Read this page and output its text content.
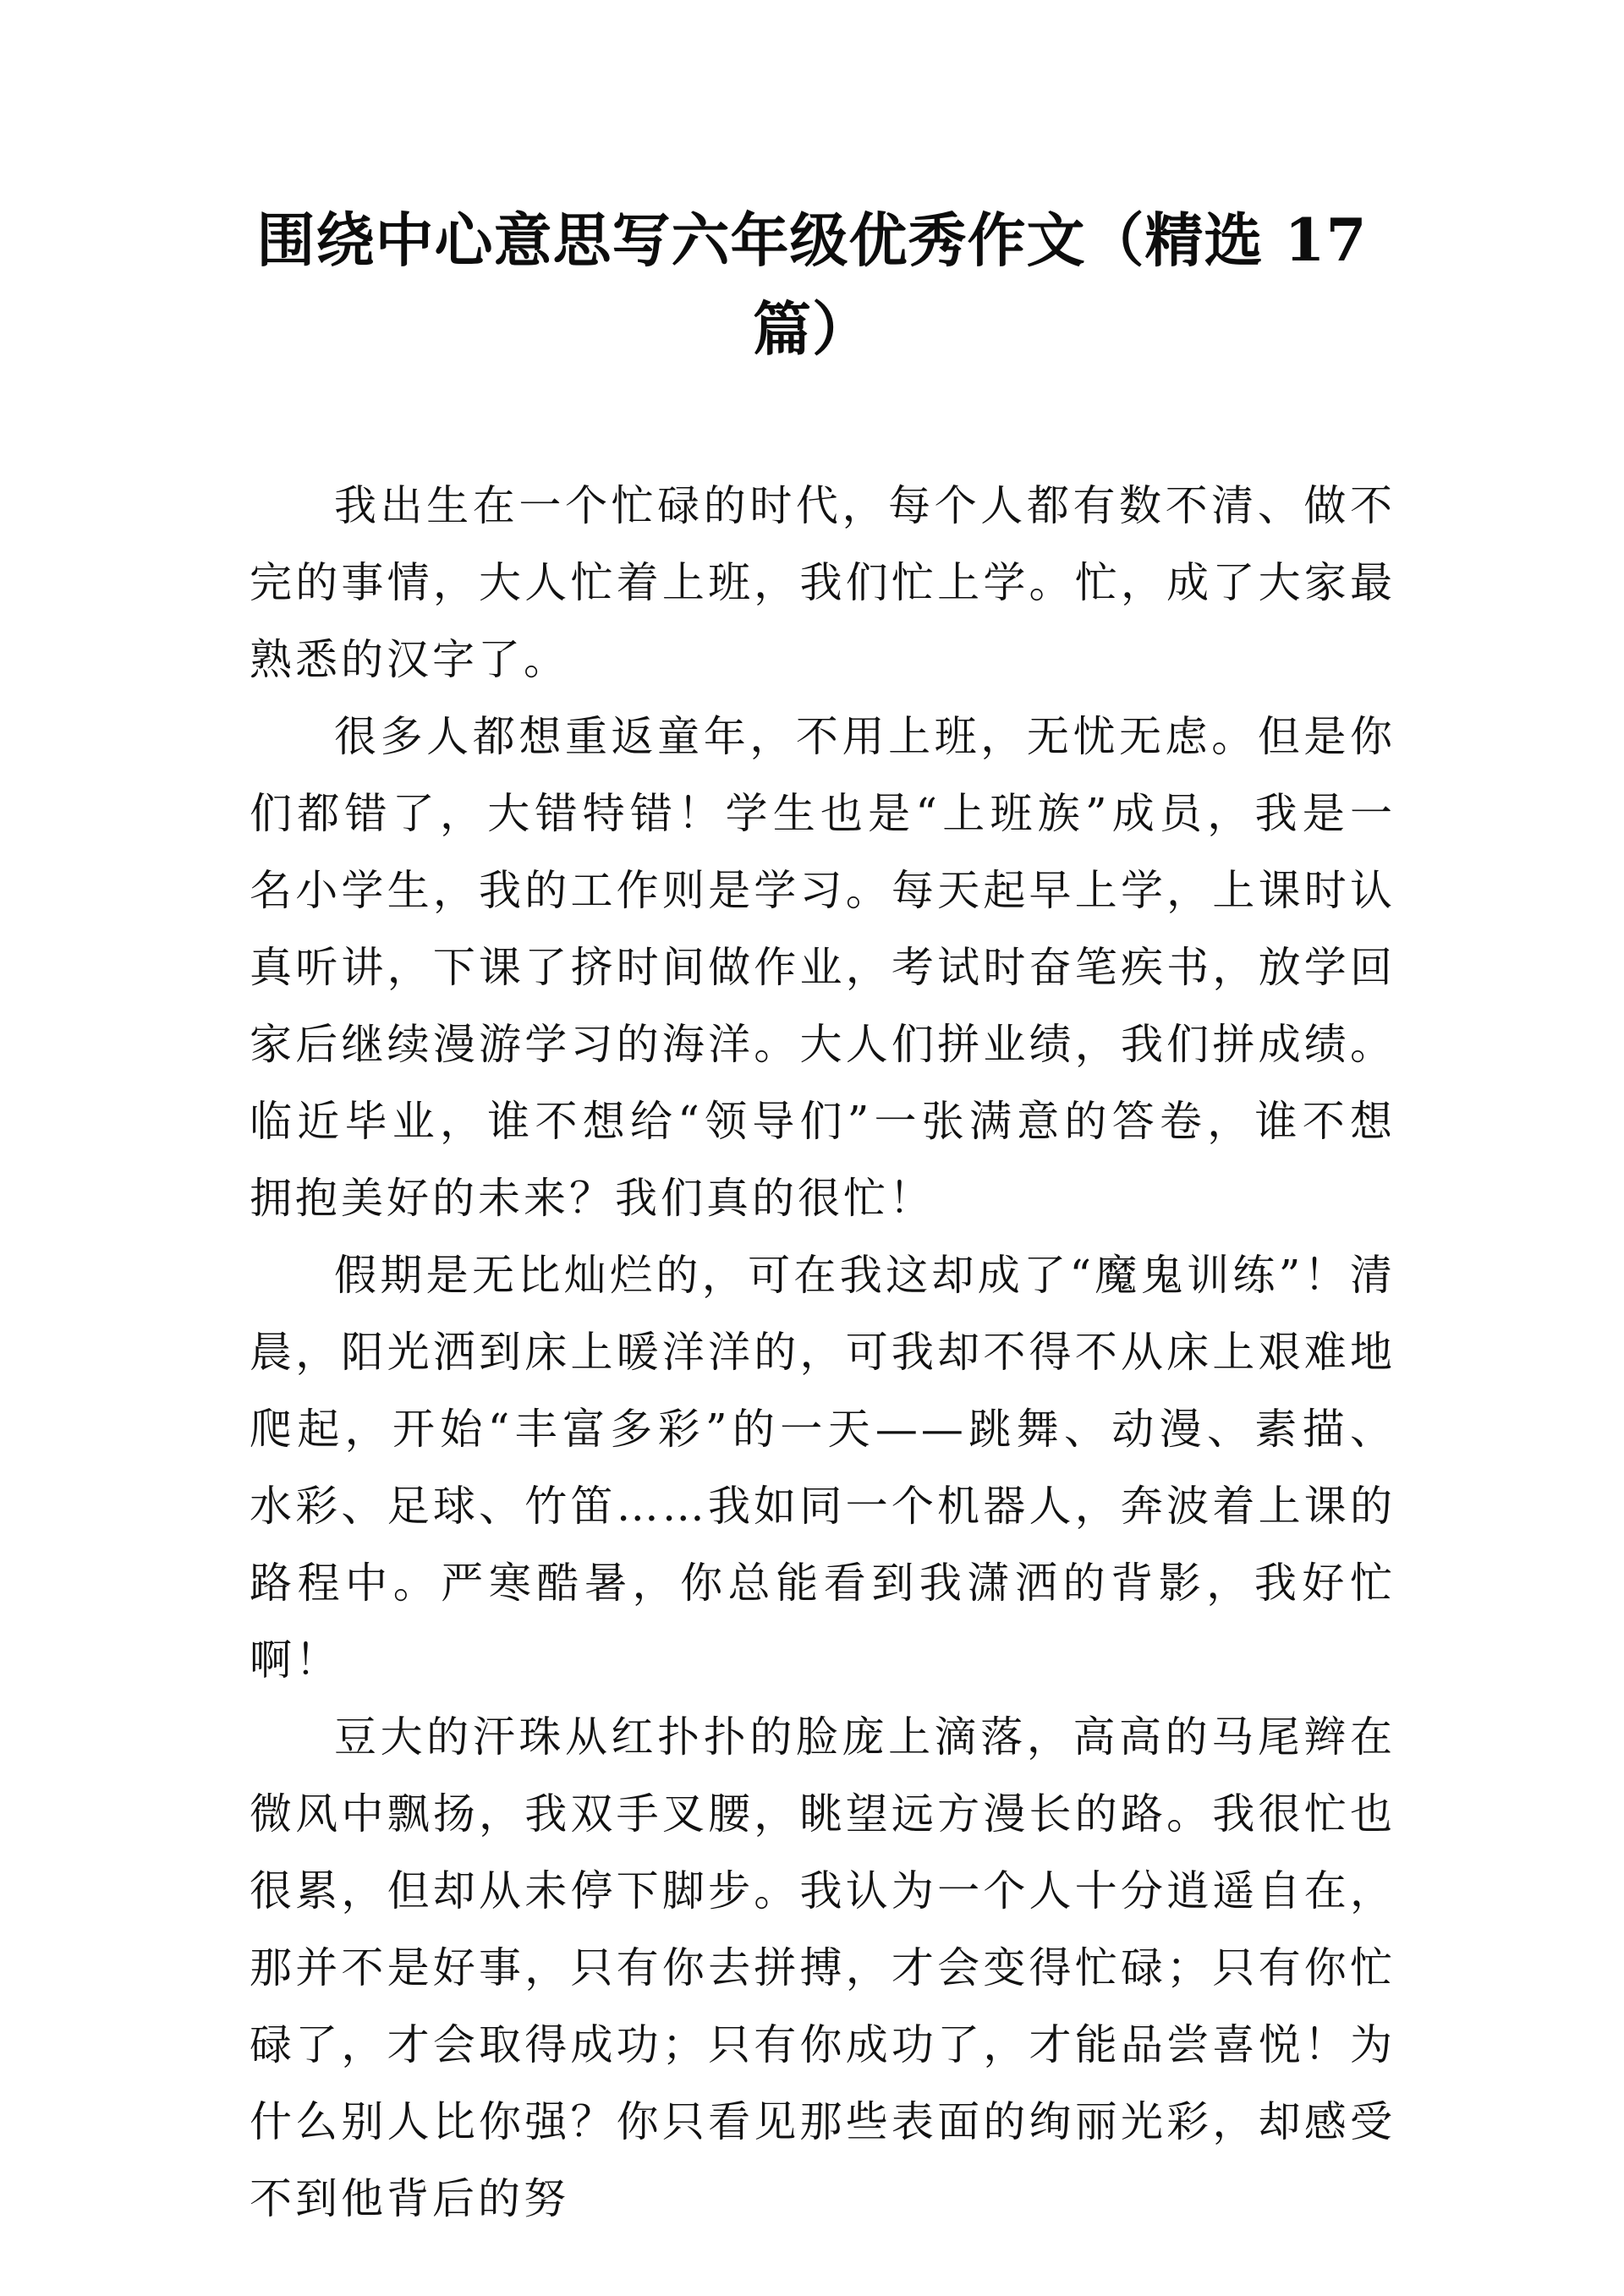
围绕中心意思写六年级优秀作文（精选 17 篇）

我出生在一个忙碌的时代，每个人都有数不清、做不完的事情，大人忙着上班，我们忙上学。忙，成了大家最熟悉的汉字了。

很多人都想重返童年，不用上班，无忧无虑。但是你们都错了，大错特错！学生也是“上班族”成员，我是一名小学生，我的工作则是学习。每天起早上学，上课时认真听讲，下课了挤时间做作业，考试时奋笔疾书，放学回家后继续漫游学习的海洋。大人们拼业绩，我们拼成绩。临近毕业，谁不想给“领导们”一张满意的答卷，谁不想拥抱美好的未来？我们真的很忙！

假期是无比灿烂的，可在我这却成了“魔鬼训练”！清晨，阳光洒到床上暖洋洋的，可我却不得不从床上艰难地爬起，开始“丰富多彩”的一天——跳舞、动漫、素描、水彩、足球、竹笛……我如同一个机器人，奔波着上课的路程中。严寒酷暑，你总能看到我潇洒的背影，我好忙啊！

豆大的汗珠从红扑扑的脸庞上滴落，高高的马尾辫在微风中飘扬，我双手叉腰，眺望远方漫长的路。我很忙也很累，但却从未停下脚步。我认为一个人十分逍遥自在，那并不是好事，只有你去拼搏，才会变得忙碌；只有你忙碌了，才会取得成功；只有你成功了，才能品尝喜悦！为什么别人比你强？你只看见那些表面的绚丽光彩，却感受不到他背后的努
